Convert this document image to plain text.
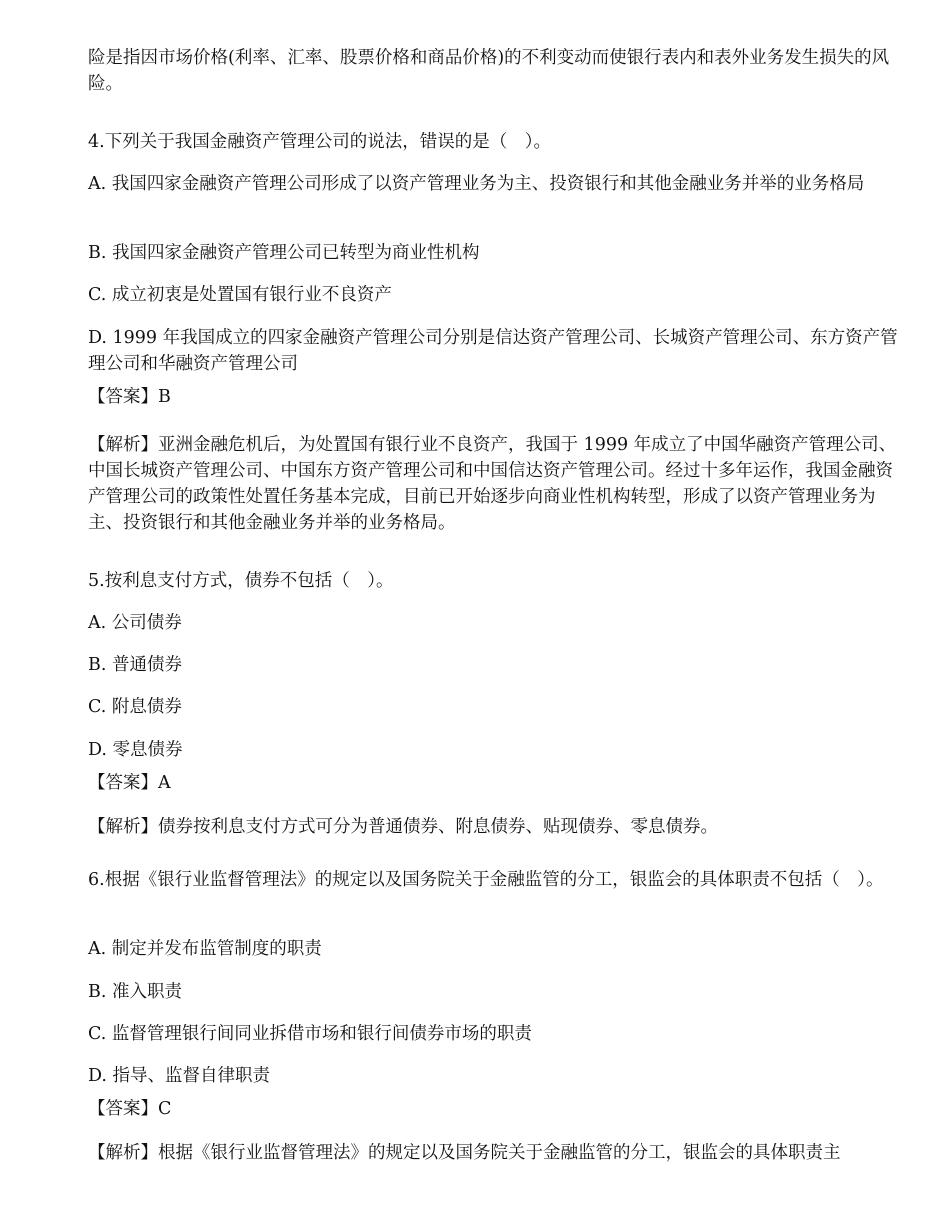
险是指因市场价格(利率、汇率、股票价格和商品价格)的不利变动而使银行表内和表外业务发生损失的风险。

4.下列关于我国金融资产管理公司的说法，错误的是（　）。

A. 我国四家金融资产管理公司形成了以资产管理业务为主、投资银行和其他金融业务并举的业务格局

B. 我国四家金融资产管理公司已转型为商业性机构

C. 成立初衷是处置国有银行业不良资产

D. 1999 年我国成立的四家金融资产管理公司分别是信达资产管理公司、长城资产管理公司、东方资产管理公司和华融资产管理公司

【答案】B

【解析】亚洲金融危机后，为处置国有银行业不良资产，我国于 1999 年成立了中国华融资产管理公司、中国长城资产管理公司、中国东方资产管理公司和中国信达资产管理公司。经过十多年运作，我国金融资产管理公司的政策性处置任务基本完成，目前已开始逐步向商业性机构转型，形成了以资产管理业务为主、投资银行和其他金融业务并举的业务格局。

5.按利息支付方式，债券不包括（　）。

A. 公司债券

B. 普通债券

C. 附息债券

D. 零息债券

【答案】A

【解析】债券按利息支付方式可分为普通债券、附息债券、贴现债券、零息债券。

6.根据《银行业监督管理法》的规定以及国务院关于金融监管的分工，银监会的具体职责不包括（　）。

A. 制定并发布监管制度的职责

B. 准入职责

C. 监督管理银行间同业拆借市场和银行间债券市场的职责

D. 指导、监督自律职责

【答案】C

【解析】根据《银行业监督管理法》的规定以及国务院关于金融监管的分工，银监会的具体职责主
